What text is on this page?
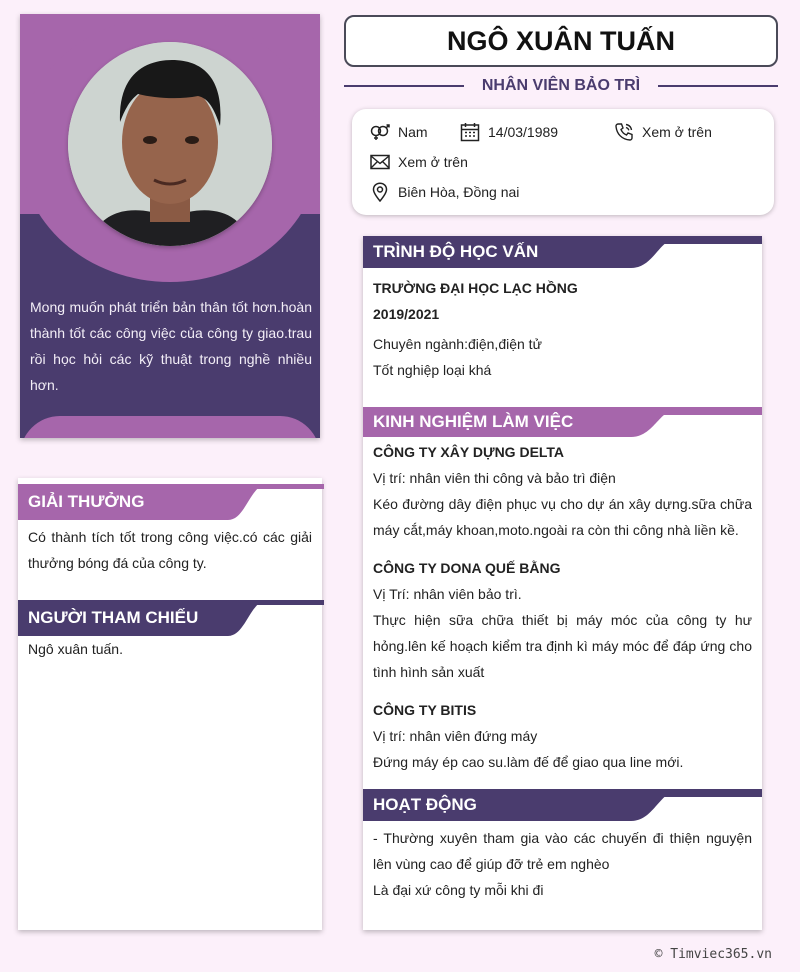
Mong muốn phát triển bản thân tốt hơn.hoàn thành tốt các công việc của công ty giao.trau rồi học hỏi các kỹ thuật trong nghề nhiều hơn.
GIẢI THƯỞNG
Có thành tích tốt trong công việc.có các giải thưởng bóng đá của công ty.
NGƯỜI THAM CHIẾU
Ngô xuân tuấn.
NGÔ XUÂN TUẤN
NHÂN VIÊN BẢO TRÌ
Nam	14/03/1989	Xem ở trên
Xem ở trên
Biên Hòa, Đồng nai
TRÌNH ĐỘ HỌC VẤN
TRƯỜNG ĐẠI HỌC LẠC HỒNG
2019/2021
Chuyên ngành:điện,điện tử
Tốt nghiệp loại khá
KINH NGHIỆM LÀM VIỆC
CÔNG TY XÂY DỰNG DELTA
Vị trí: nhân viên thi công và bảo trì điện
Kéo đường dây điện phục vụ cho dự án xây dựng.sữa chữa máy cắt,máy khoan,moto.ngoài ra còn thi công nhà liền kề.
CÔNG TY DONA QUẾ BẰNG
Vị Trí: nhân viên bảo trì.
Thực hiện sữa chữa thiết bị máy móc của công ty hư hỏng.lên kế hoạch kiểm tra định kì máy móc để đáp ứng cho tình hình sản xuất
CÔNG TY BITIS
Vị trí: nhân viên đứng máy
Đứng máy ép cao su.làm đế để giao qua line mới.
HOẠT ĐỘNG
- Thường xuyên tham gia vào các chuyến đi thiện nguyện lên vùng cao để giúp đỡ trẻ em nghèo
Là đại xứ công ty mỗi khi đi
© Timviec365.vn
